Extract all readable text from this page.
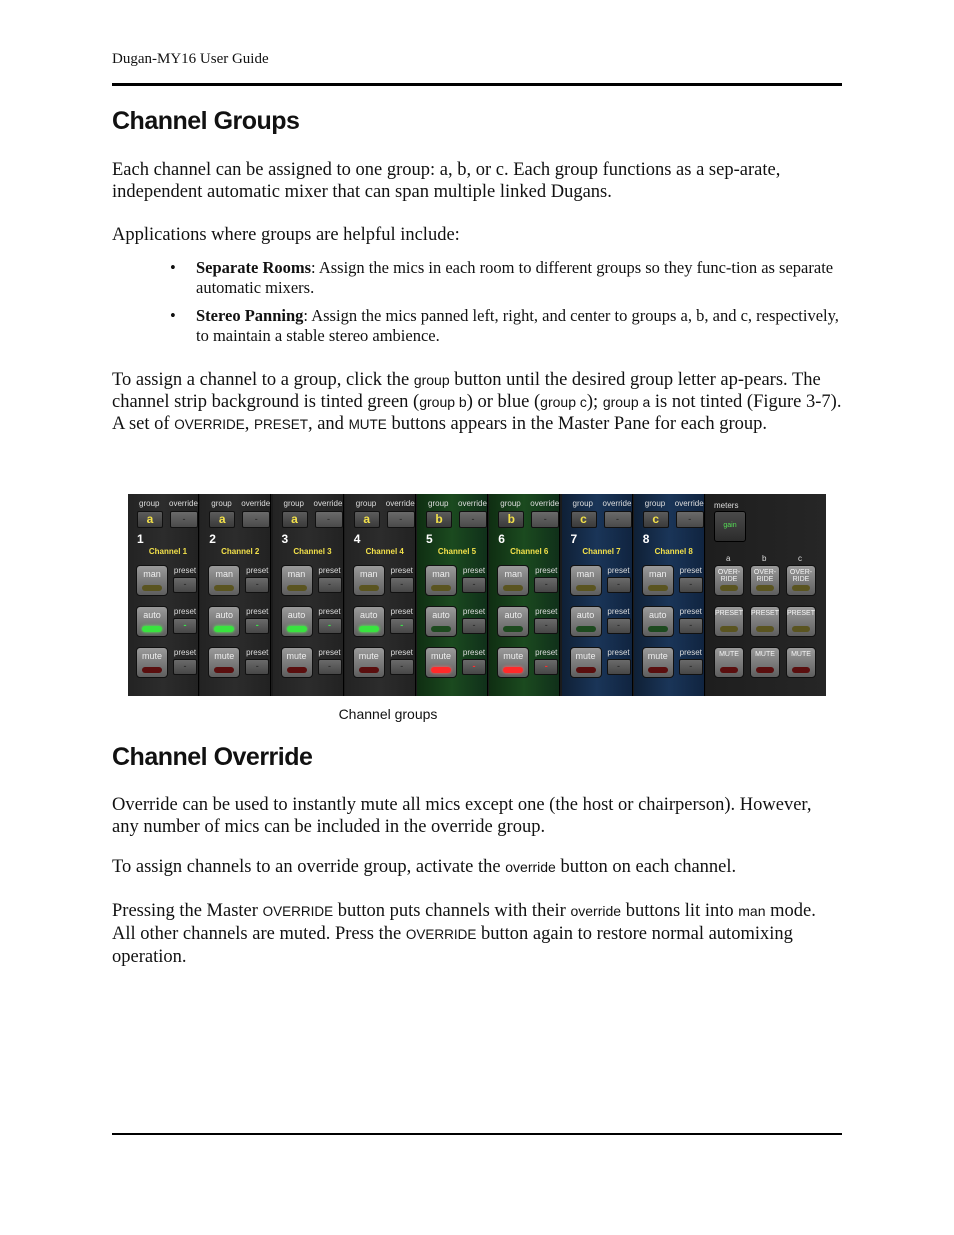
Dugan-MY16 User Guide
Channel Groups

Each channel can be assigned to one group: a, b, or c. Each group functions as a sep-arate, independent automatic mixer that can span multiple linked Dugans.

Applications where groups are helpful include:

• Separate Rooms: Assign the mics in each room to different groups so they func-tion as separate automatic mixers.
• Stereo Panning: Assign the mics panned left, right, and center to groups a, b, and c, respectively, to maintain a stable stereo ambience.

To assign a channel to a group, click the group button until the desired group letter ap-pears. The channel strip background is tinted green (group b) or blue (group c); group a is not tinted (Figure 3-7). A set of OVERRIDE, PRESET, and MUTE buttons appears in the Master Pane for each group.

group override
a	-
1
Channel 1
man	preset
-
auto	preset
-
mute	preset
-
group override
a	-
2
Channel 2
man	preset
-
auto	preset
-
mute	preset
-
group override
a	-
3
Channel 3
man	preset
-
auto	preset
-
mute	preset
-
group override
a	-
4
Channel 4
man	preset
-
auto	preset
-
mute	preset
-
group override
b	-
5
Channel 5
man	preset
-
auto	preset
-
mute	preset
-
group override
b	-
6
Channel 6
man	preset
-
auto	preset
-
mute	preset
-
group override
c	-
7
Channel 7
man	preset
-
auto	preset
-
mute	preset
-
group override
c	-
8
Channel 8
man	preset
-
auto	preset
-
mute	preset
-
meters
gain
a
OVER-RIDE
PRESET
MUTE
b
OVER-RIDE
PRESET
MUTE
c
OVER-RIDE
PRESET
MUTE
Channel groups
Channel Override

Override can be used to instantly mute all mics except one (the host or chairperson). However, any number of mics can be included in the override group.

To assign channels to an override group, activate the override button on each channel.

Pressing the Master OVERRIDE button puts channels with their override buttons lit into man mode. All other channels are muted. Press the OVERRIDE button again to restore normal automixing operation.
